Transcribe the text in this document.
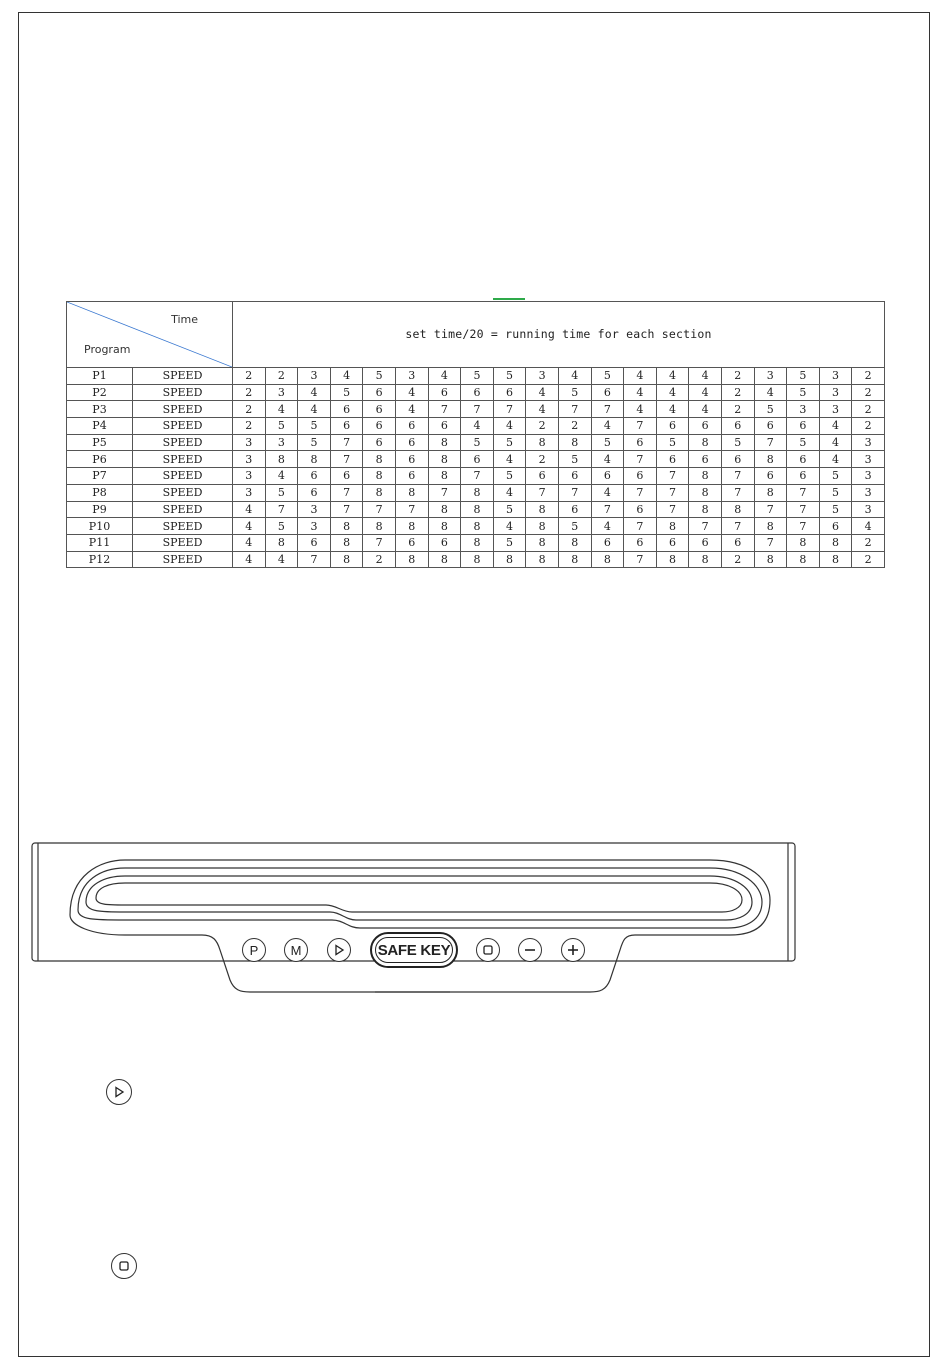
Time
Program		set time/20 = running time for each section																			
P1	SPEED	2	2	3	4	5	3	4	5	5	3	4	5	4	4	4	2	3	5	3	2
P2	SPEED	2	3	4	5	6	4	6	6	6	4	5	6	4	4	4	2	4	5	3	2
P3	SPEED	2	4	4	6	6	4	7	7	7	4	7	7	4	4	4	2	5	3	3	2
P4	SPEED	2	5	5	6	6	6	6	4	4	2	2	4	7	6	6	6	6	6	4	2
P5	SPEED	3	3	5	7	6	6	8	5	5	8	8	5	6	5	8	5	7	5	4	3
P6	SPEED	3	8	8	7	8	6	8	6	4	2	5	4	7	6	6	6	8	6	4	3
P7	SPEED	3	4	6	6	8	6	8	7	5	6	6	6	6	7	8	7	6	6	5	3
P8	SPEED	3	5	6	7	8	8	7	8	4	7	7	4	7	7	8	7	8	7	5	3
P9	SPEED	4	7	3	7	7	7	8	8	5	8	6	7	6	7	8	8	7	7	5	3
P10	SPEED	4	5	3	8	8	8	8	8	4	8	5	4	7	8	7	7	8	7	6	4
P11	SPEED	4	8	6	8	7	6	6	8	5	8	8	6	6	6	6	6	7	8	8	2
P12	SPEED	4	4	7	8	2	8	8	8	8	8	8	8	7	8	8	2	8	8	8	2
P M	SAFE KEY
